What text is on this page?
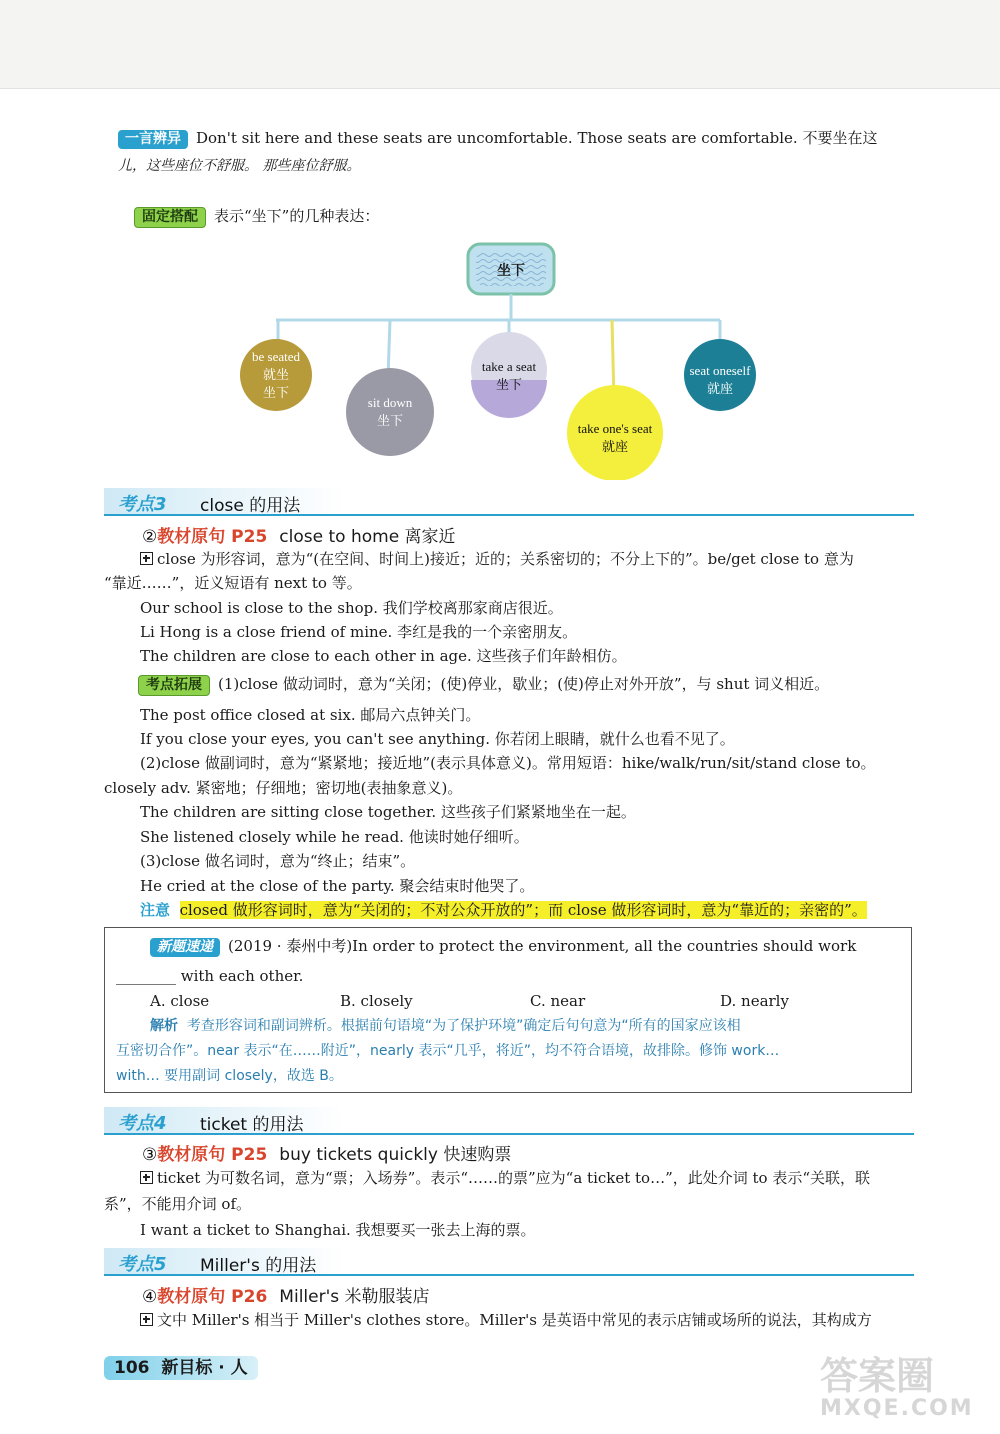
一言辨异 Don't sit here and these seats are uncomfortable. Those seats are comfortable. 不要坐在这
儿，这些座位不舒服。 那些座位舒服。
固定搭配 表示“坐下”的几种表达：
坐下
be seated
就坐
坐下
sit down
坐下
take a seat
坐下
take one's seat
就座
seat oneself
就座
考点3 close 的用法
②教材原句 P25 close to home 离家近
close 为形容词，意为“(在空间、时间上)接近；近的；关系密切的；不分上下的”。be/get close to 意为
“靠近……”，近义短语有 next to 等。
Our school is close to the shop. 我们学校离那家商店很近。
Li Hong is a close friend of mine. 李红是我的一个亲密朋友。
The children are close to each other in age. 这些孩子们年龄相仿。
考点拓展 (1)close 做动词时，意为“关闭；(使)停业，歇业；(使)停止对外开放”，与 shut 词义相近。
The post office closed at six. 邮局六点钟关门。
If you close your eyes, you can't see anything. 你若闭上眼睛，就什么也看不见了。
(2)close 做副词时，意为“紧紧地；接近地”(表示具体意义)。常用短语：hike/walk/run/sit/stand close to。
closely adv. 紧密地；仔细地；密切地(表抽象意义)。
The children are sitting close together. 这些孩子们紧紧地坐在一起。
She listened closely while he read. 他读时她仔细听。
(3)close 做名词时，意为“终止；结束”。
He cried at the close of the party. 聚会结束时他哭了。
注意 closed 做形容词时，意为“关闭的；不对公众开放的”；而 close 做形容词时，意为“靠近的；亲密的”。
新题速递 (2019 · 泰州中考)In order to protect the environment, all the countries should work
________ with each other.
A. close	B. closely	C. near	D. nearly
解析 考查形容词和副词辨析。根据前句语境“为了保护环境”确定后句句意为“所有的国家应该相
互密切合作”。near 表示“在……附近”，nearly 表示“几乎，将近”，均不符合语境，故排除。修饰 work…
with… 要用副词 closely，故选 B。
考点4 ticket 的用法
③教材原句 P25 buy tickets quickly 快速购票
ticket 为可数名词，意为“票；入场券”。表示“……的票”应为“a ticket to…”，此处介词 to 表示“关联，联
系”，不能用介词 of。
I want a ticket to Shanghai. 我想要买一张去上海的票。
考点5 Miller's 的用法
④教材原句 P26 Miller's 米勒服装店
文中 Miller's 相当于 Miller's clothes store。Miller's 是英语中常见的表示店铺或场所的说法，其构成方
106 新目标 · 人	答案圈
MXQE.COM
